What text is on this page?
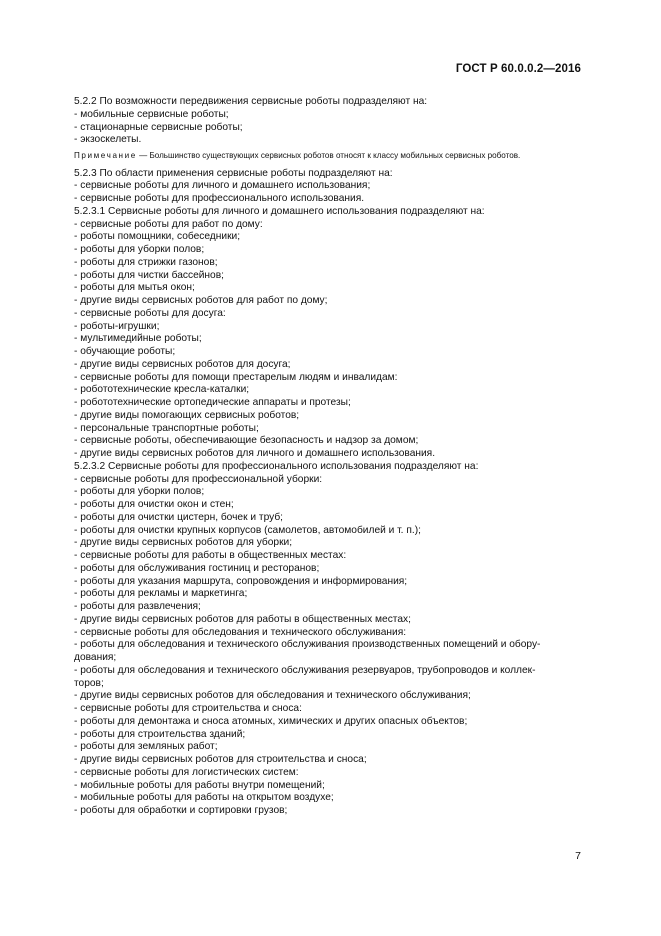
ГОСТ Р 60.0.0.2—2016
5.2.2 По возможности передвижения сервисные роботы подразделяют на:
- мобильные сервисные роботы;
- стационарные сервисные роботы;
- экзоскелеты.
Примечание — Большинство существующих сервисных роботов относят к классу мобильных сервисных роботов.
5.2.3 По области применения сервисные роботы подразделяют на:
- сервисные роботы для личного и домашнего использования;
- сервисные роботы для профессионального использования.
5.2.3.1 Сервисные роботы для личного и домашнего использования подразделяют на:
- сервисные роботы для работ по дому:
- роботы помощники, собеседники;
- роботы для уборки полов;
- роботы для стрижки газонов;
- роботы для чистки бассейнов;
- роботы для мытья окон;
- другие виды сервисных роботов для работ по дому;
- сервисные роботы для досуга:
- роботы-игрушки;
- мультимедийные роботы;
- обучающие роботы;
- другие виды сервисных роботов для досуга;
- сервисные роботы для помощи престарелым людям и инвалидам:
- робототехнические кресла-каталки;
- робототехнические ортопедические аппараты и протезы;
- другие виды помогающих сервисных роботов;
- персональные транспортные роботы;
- сервисные роботы, обеспечивающие безопасность и надзор за домом;
- другие виды сервисных роботов для личного и домашнего использования.
5.2.3.2 Сервисные роботы для профессионального использования подразделяют на:
- сервисные роботы для профессиональной уборки:
- роботы для уборки полов;
- роботы для очистки окон и стен;
- роботы для очистки цистерн, бочек и труб;
- роботы для очистки крупных корпусов (самолетов, автомобилей и т. п.);
- другие виды сервисных роботов для уборки;
- сервисные роботы для работы в общественных местах:
- роботы для обслуживания гостиниц и ресторанов;
- роботы для указания маршрута, сопровождения и информирования;
- роботы для рекламы и маркетинга;
- роботы для развлечения;
- другие виды сервисных роботов для работы в общественных местах;
- сервисные роботы для обследования и технического обслуживания:
- роботы для обследования и технического обслуживания производственных помещений и обору-
дования;
- роботы для обследования и технического обслуживания резервуаров, трубопроводов и коллек-
торов;
- другие виды сервисных роботов для обследования и технического обслуживания;
- сервисные роботы для строительства и сноса:
- роботы для демонтажа и сноса атомных, химических и других опасных объектов;
- роботы для строительства зданий;
- роботы для земляных работ;
- другие виды сервисных роботов для строительства и сноса;
- сервисные роботы для логистических систем:
- мобильные роботы для работы внутри помещений;
- мобильные роботы для работы на открытом воздухе;
- роботы для обработки и сортировки грузов;
7
